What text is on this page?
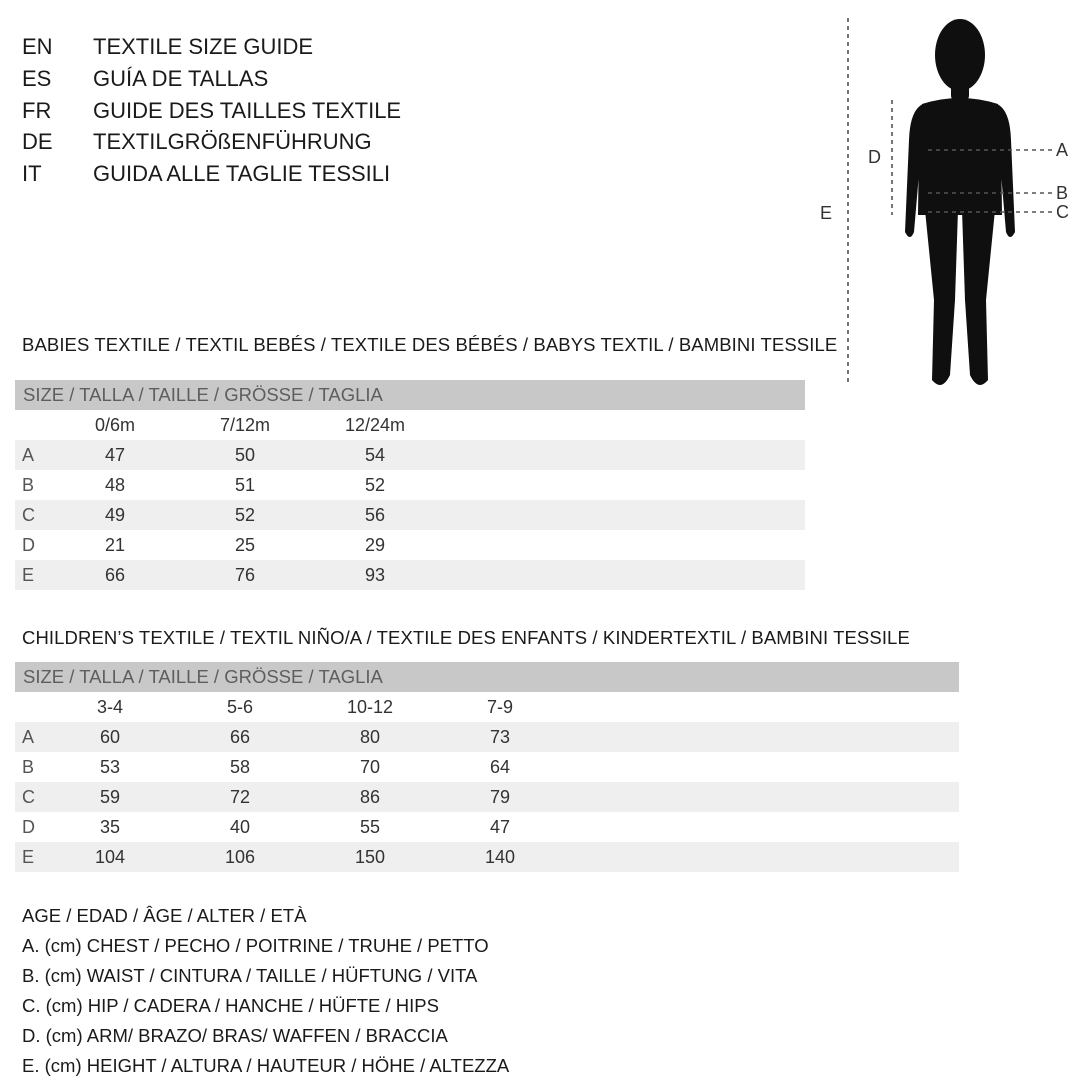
EN	TEXTILE SIZE GUIDE
ES	GUÍA DE TALLAS
FR	GUIDE DES TAILLES TEXTILE
DE	TEXTILGRÖßENFÜHRUNG
IT	GUIDA ALLE TAGLIE TESSILI
A
B
C
D
E
BABIES TEXTILE / TEXTIL BEBÉS / TEXTILE DES BÉBÉS / BABYS TEXTIL / BAMBINI TESSILE
SIZE / TALLA / TAILLE / GRÖSSE / TAGLIA
0/6m	7/12m	12/24m
A	47	50	54
B	48	51	52
C	49	52	56
D	21	25	29
E	66	76	93
CHILDREN’S TEXTILE / TEXTIL NIÑO/A / TEXTILE DES ENFANTS / KINDERTEXTIL / BAMBINI TESSILE
SIZE / TALLA / TAILLE / GRÖSSE / TAGLIA
3-4	5-6	10-12	7-9
A	60	66	80	73
B	53	58	70	64
C	59	72	86	79
D	35	40	55	47
E	104	106	150	140
AGE / EDAD / ÂGE / ALTER / ETÀ
A. (cm) CHEST / PECHO / POITRINE / TRUHE / PETTO
B. (cm) WAIST / CINTURA / TAILLE / HÜFTUNG / VITA
C. (cm) HIP / CADERA / HANCHE / HÜFTE / HIPS
D. (cm) ARM/ BRAZO/ BRAS/ WAFFEN / BRACCIA
E. (cm) HEIGHT / ALTURA / HAUTEUR / HÖHE / ALTEZZA
